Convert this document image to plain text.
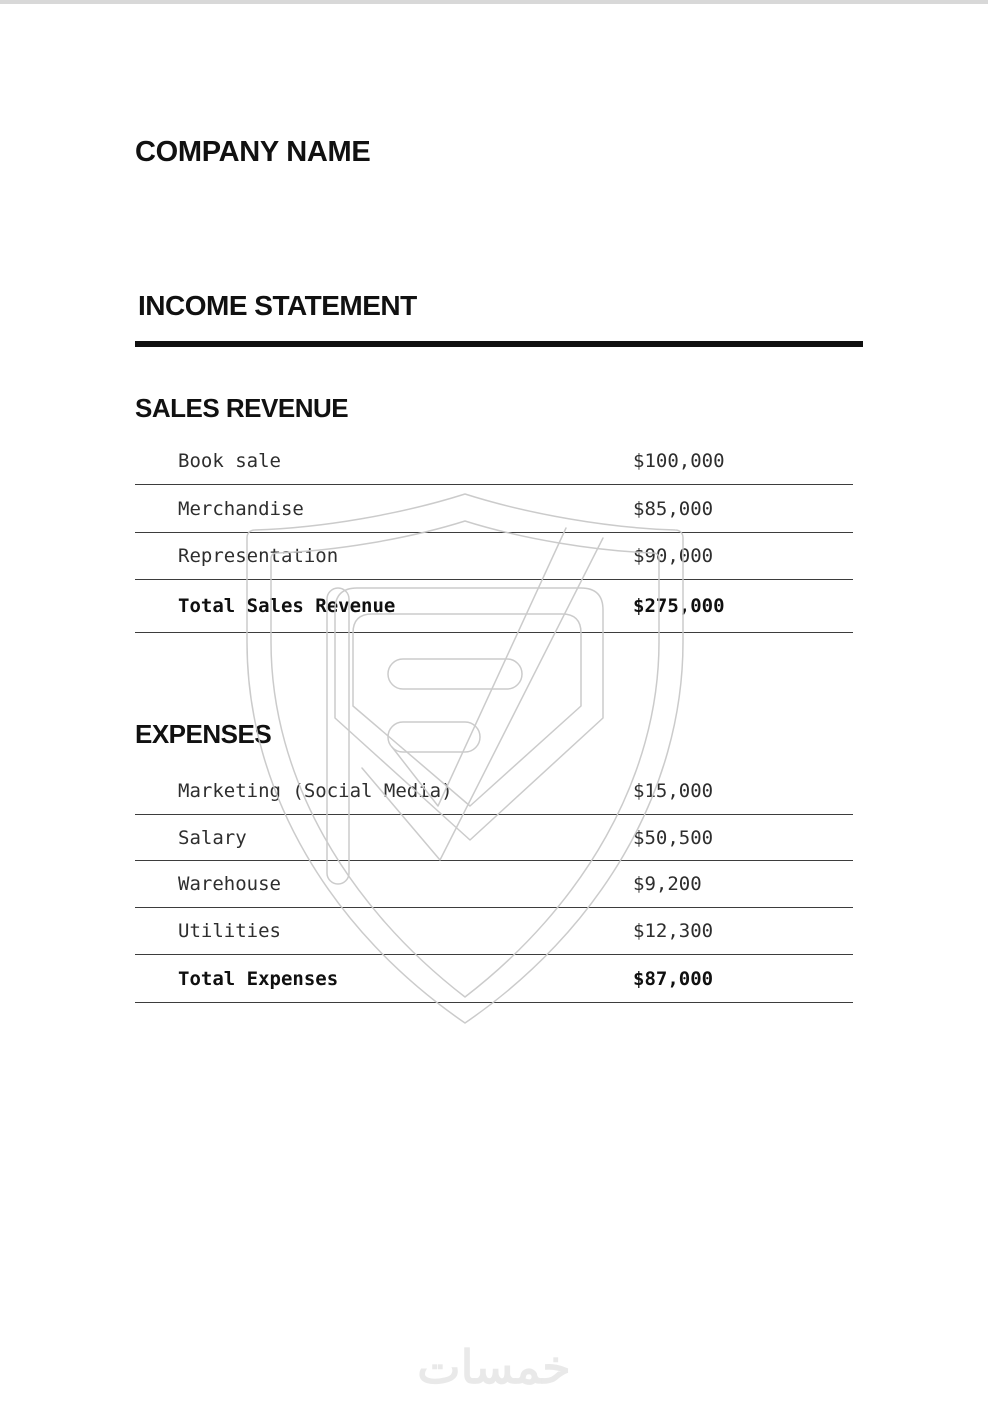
COMPANY NAME
INCOME STATEMENT
SALES REVENUE
Book sale	$100,000
Merchandise	$85,000
Representation	$90,000
Total Sales Revenue	$275,000
EXPENSES
Marketing (Social Media)	$15,000
Salary	$50,500
Warehouse	$9,200
Utilities	$12,300
Total Expenses	$87,000
خمسات
